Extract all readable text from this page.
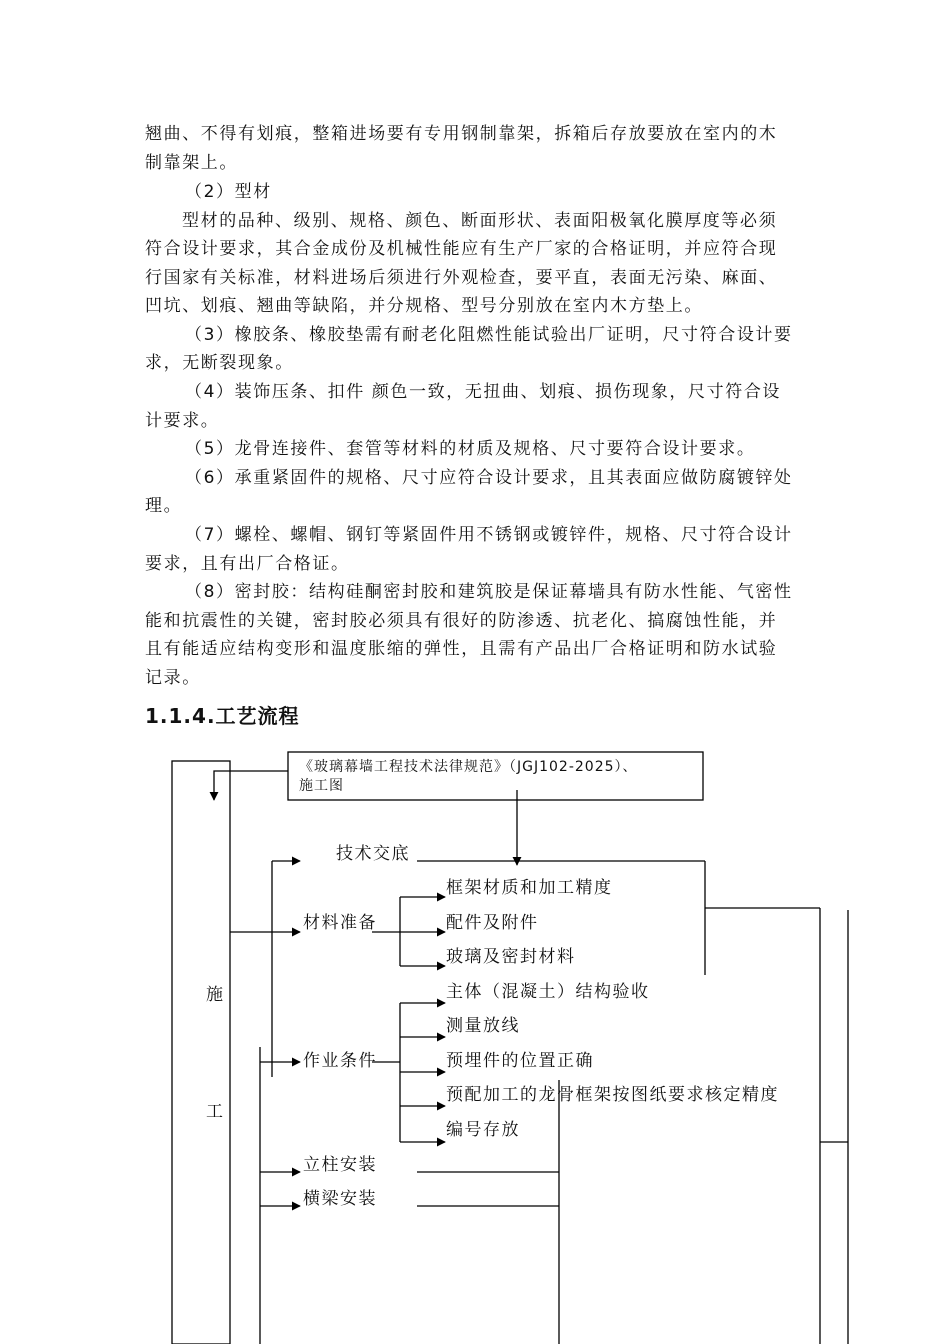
翘曲、不得有划痕，整箱进场要有专用钢制靠架，拆箱后存放要放在室内的木
制靠架上。
（2）型材
型材的品种、级别、规格、颜色、断面形状、表面阳极氧化膜厚度等必须
符合设计要求，其合金成份及机械性能应有生产厂家的合格证明，并应符合现
行国家有关标准，材料进场后须进行外观检查，要平直，表面无污染、麻面、
凹坑、划痕、翘曲等缺陷，并分规格、型号分别放在室内木方垫上。
（3）橡胶条、橡胶垫需有耐老化阻燃性能试验出厂证明，尺寸符合设计要
求，无断裂现象。
（4）装饰压条、扣件 颜色一致，无扭曲、划痕、损伤现象，尺寸符合设
计要求。
（5）龙骨连接件、套管等材料的材质及规格、尺寸要符合设计要求。
（6）承重紧固件的规格、尺寸应符合设计要求，且其表面应做防腐镀锌处
理。
（7）螺栓、螺帽、钢钉等紧固件用不锈钢或镀锌件，规格、尺寸符合设计
要求，且有出厂合格证。
（8）密封胶：结构硅酮密封胶和建筑胶是保证幕墙具有防水性能、气密性
能和抗震性的关键，密封胶必须具有很好的防渗透、抗老化、搞腐蚀性能，并
且有能适应结构变形和温度胀缩的弹性，且需有产品出厂合格证明和防水试验
记录。
1.1.4.工艺流程
《玻璃幕墙工程技术法律规范》（JGJ102-2025）、
施工图
施
工
技术交底
材料准备
框架材质和加工精度
配件及附件
玻璃及密封材料
作业条件
主体（混凝土）结构验收
测量放线
预埋件的位置正确
预配加工的龙骨框架按图纸要求核定精度
编号存放
立柱安装
横梁安装
